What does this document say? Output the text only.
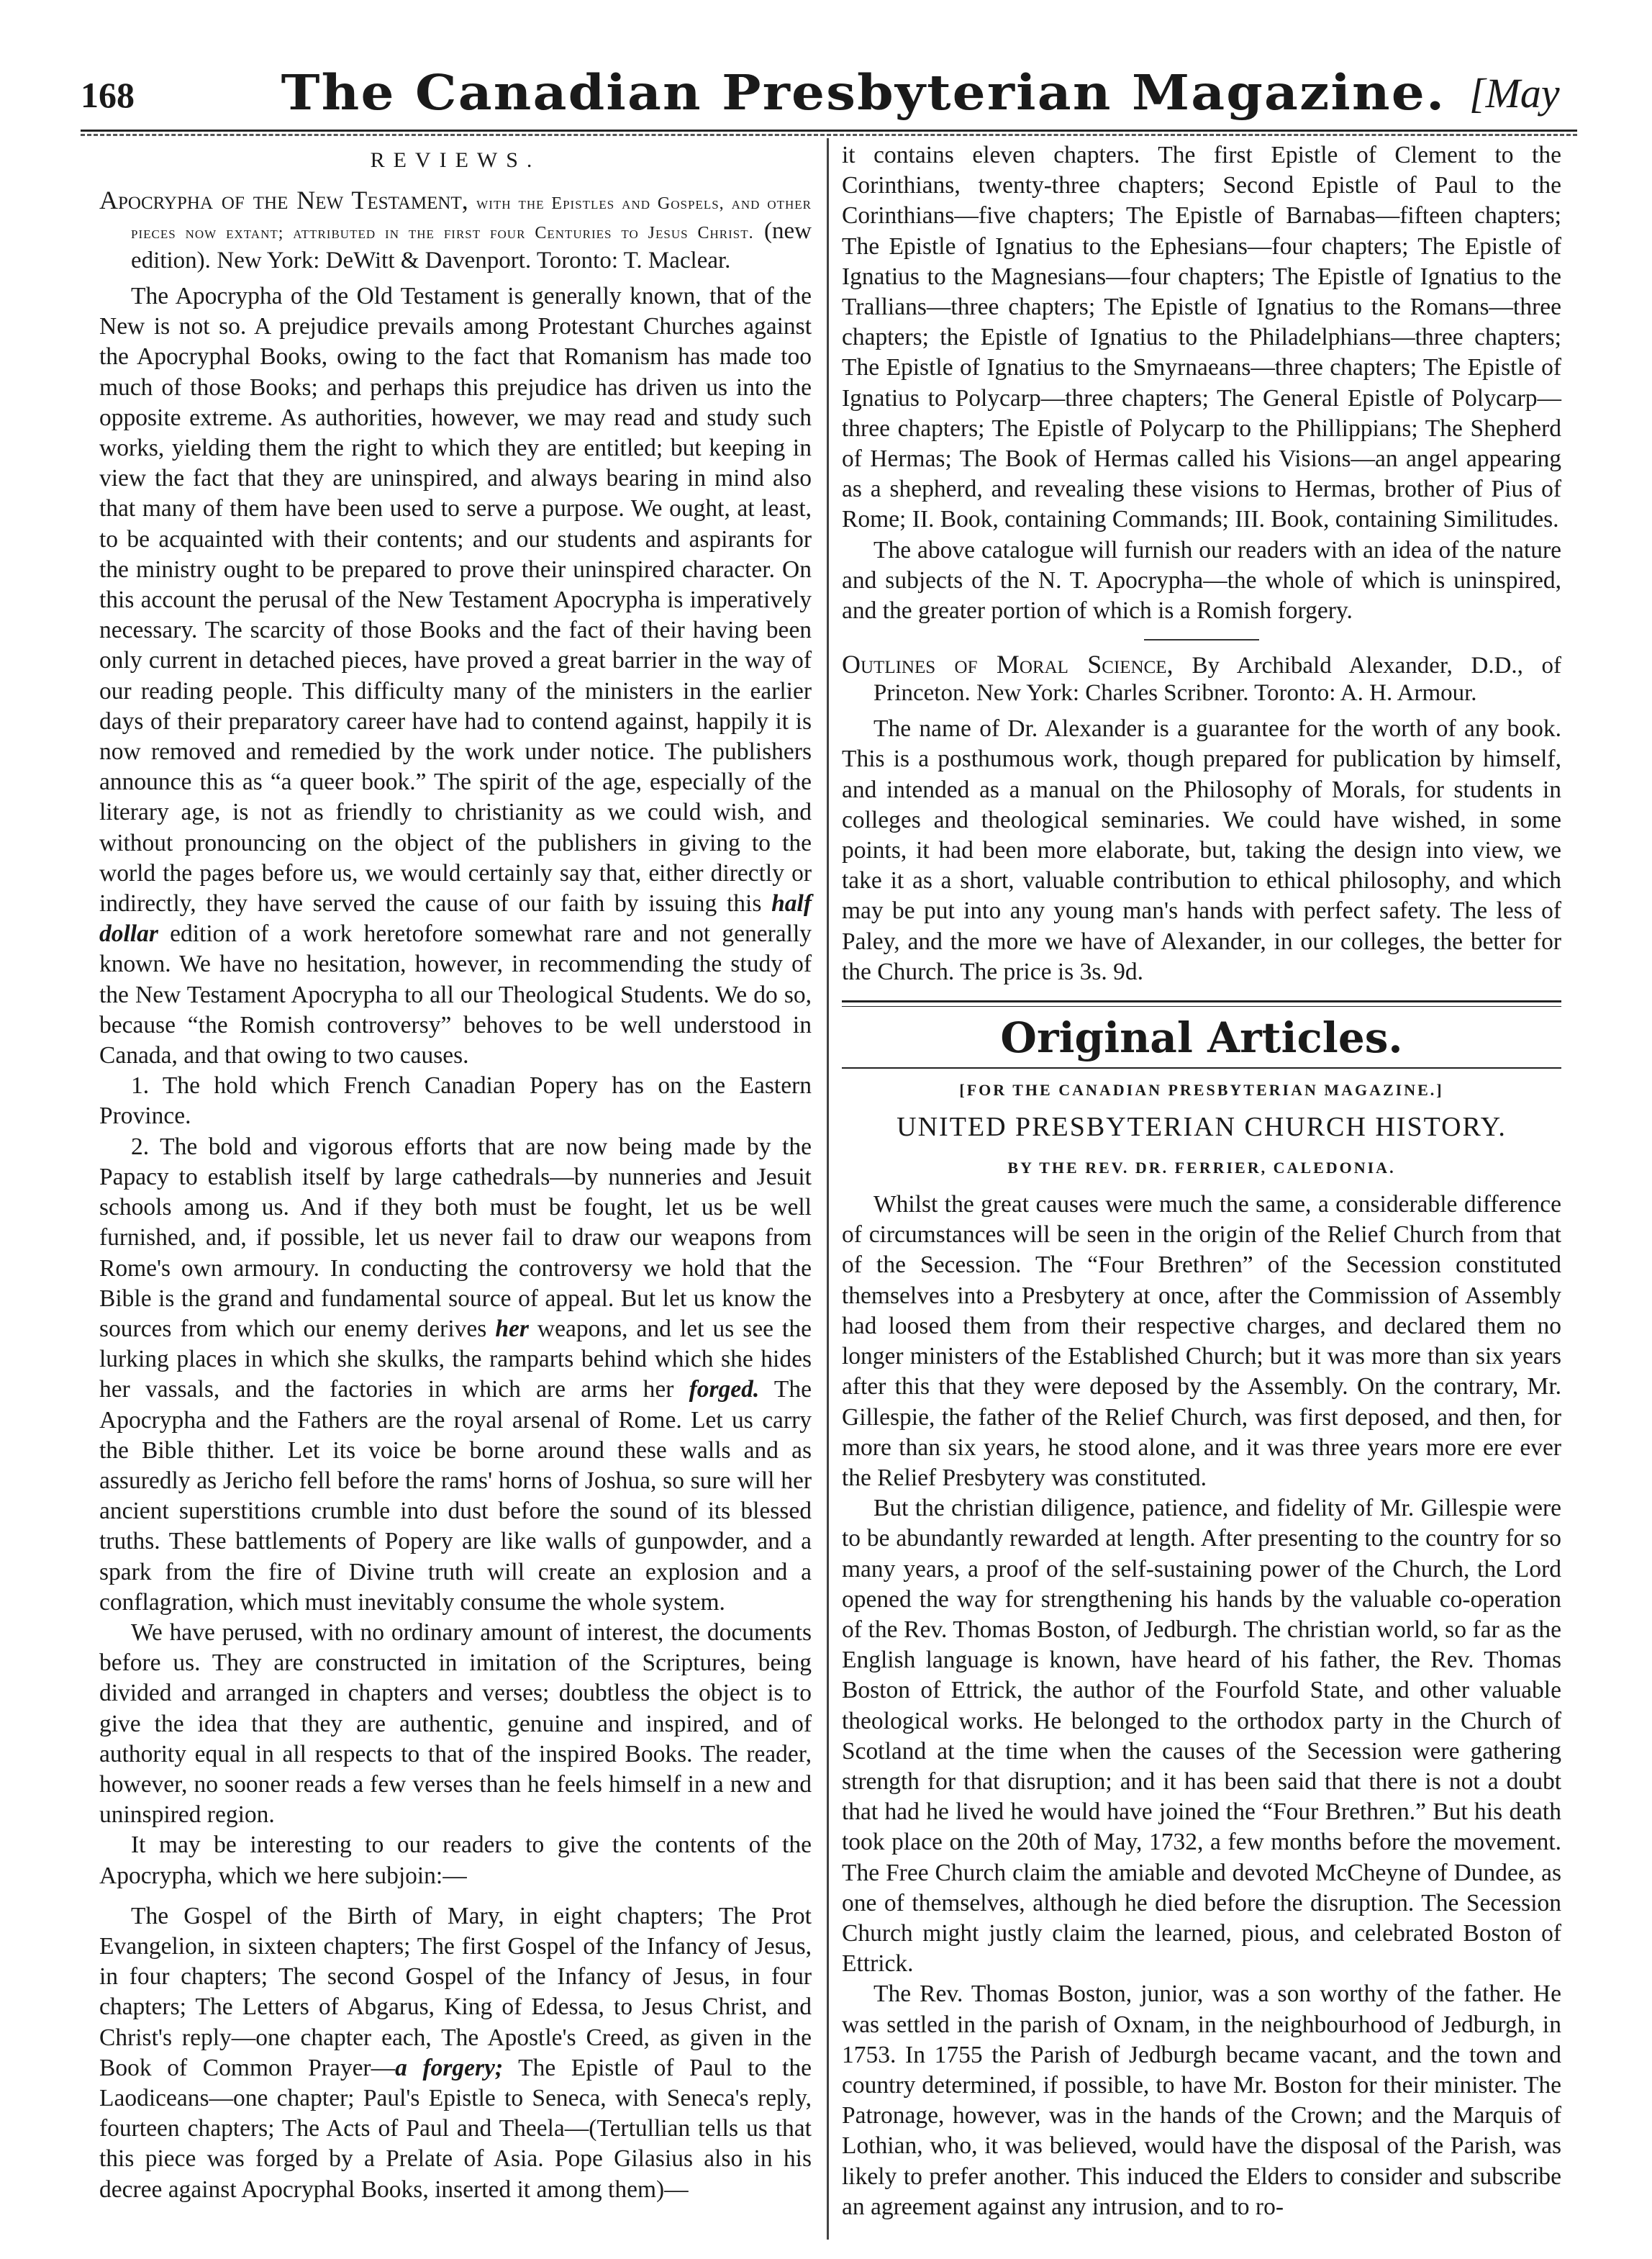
168	The Canadian Presbyterian Magazine. [May
REVIEWS.

Apocrypha of the New Testament, with the Epistles and Gospels, and other pieces now extant; attributed in the first four Centuries to Jesus Christ. (new edition). New York: DeWitt & Davenport. Toronto: T. Maclear.

The Apocrypha of the Old Testament is generally known, that of the New is not so. A prejudice prevails among Protestant Churches against the Apocryphal Books, owing to the fact that Romanism has made too much of those Books; and perhaps this prejudice has driven us into the opposite extreme. As authorities, however, we may read and study such works, yielding them the right to which they are entitled; but keeping in view the fact that they are uninspired, and always bearing in mind also that many of them have been used to serve a purpose. We ought, at least, to be acquainted with their contents; and our students and aspirants for the ministry ought to be prepared to prove their uninspired character. On this account the perusal of the New Testament Apocrypha is imperatively necessary. The scarcity of those Books and the fact of their having been only current in detached pieces, have proved a great barrier in the way of our reading people. This difficulty many of the ministers in the earlier days of their preparatory career have had to contend against, happily it is now removed and remedied by the work under notice. The publishers announce this as “a queer book.” The spirit of the age, especially of the literary age, is not as friendly to christianity as we could wish, and without pronouncing on the object of the publishers in giving to the world the pages before us, we would certainly say that, either directly or indirectly, they have served the cause of our faith by issuing this half dollar edition of a work heretofore somewhat rare and not generally known. We have no hesitation, however, in recommending the study of the New Testament Apocrypha to all our Theological Students. We do so, because “the Romish controversy” behoves to be well understood in Canada, and that owing to two causes.

1. The hold which French Canadian Popery has on the Eastern Province.

2. The bold and vigorous efforts that are now being made by the Papacy to establish itself by large cathedrals—by nunneries and Jesuit schools among us. And if they both must be fought, let us be well furnished, and, if possible, let us never fail to draw our weapons from Rome's own armoury. In conducting the controversy we hold that the Bible is the grand and fundamental source of appeal. But let us know the sources from which our enemy derives her weapons, and let us see the lurking places in which she skulks, the ramparts behind which she hides her vassals, and the factories in which are arms her forged. The Apocrypha and the Fathers are the royal arsenal of Rome. Let us carry the Bible thither. Let its voice be borne around these walls and as assuredly as Jericho fell before the rams' horns of Joshua, so sure will her ancient superstitions crumble into dust before the sound of its blessed truths. These battlements of Popery are like walls of gunpowder, and a spark from the fire of Divine truth will create an explosion and a conflagration, which must inevitably consume the whole system.

We have perused, with no ordinary amount of interest, the documents before us. They are constructed in imitation of the Scriptures, being divided and arranged in chapters and verses; doubtless the object is to give the idea that they are authentic, genuine and inspired, and of authority equal in all respects to that of the inspired Books. The reader, however, no sooner reads a few verses than he feels himself in a new and uninspired region.

It may be interesting to our readers to give the contents of the Apocrypha, which we here subjoin:—

The Gospel of the Birth of Mary, in eight chapters; The Prot Evangelion, in sixteen chapters; The first Gospel of the Infancy of Jesus, in four chapters; The second Gospel of the Infancy of Jesus, in four chapters; The Letters of Abgarus, King of Edessa, to Jesus Christ, and Christ's reply—one chapter each, The Apostle's Creed, as given in the Book of Common Prayer—a forgery; The Epistle of Paul to the Laodiceans—one chapter; Paul's Epistle to Seneca, with Seneca's reply, fourteen chapters; The Acts of Paul and Theela—(Tertullian tells us that this piece was forged by a Prelate of Asia. Pope Gilasius also in his decree against Apocryphal Books, inserted it among them)—

it contains eleven chapters. The first Epistle of Clement to the Corinthians, twenty-three chapters; Second Epistle of Paul to the Corinthians—five chapters; The Epistle of Barnabas—fifteen chapters; The Epistle of Ignatius to the Ephesians—four chapters; The Epistle of Ignatius to the Magnesians—four chapters; The Epistle of Ignatius to the Trallians—three chapters; The Epistle of Ignatius to the Romans—three chapters; the Epistle of Ignatius to the Philadelphians—three chapters; The Epistle of Ignatius to the Smyrnaeans—three chapters; The Epistle of Ignatius to Polycarp—three chapters; The General Epistle of Polycarp—three chapters; The Epistle of Polycarp to the Phillippians; The Shepherd of Hermas; The Book of Hermas called his Visions—an angel appearing as a shepherd, and revealing these visions to Hermas, brother of Pius of Rome; II. Book, containing Commands; III. Book, containing Similitudes.

The above catalogue will furnish our readers with an idea of the nature and subjects of the N. T. Apocrypha—the whole of which is uninspired, and the greater portion of which is a Romish forgery.

Outlines of Moral Science, By Archibald Alexander, D.D., of Princeton. New York: Charles Scribner. Toronto: A. H. Armour.

The name of Dr. Alexander is a guarantee for the worth of any book. This is a posthumous work, though prepared for publication by himself, and intended as a manual on the Philosophy of Morals, for students in colleges and theological seminaries. We could have wished, in some points, it had been more elaborate, but, taking the design into view, we take it as a short, valuable contribution to ethical philosophy, and which may be put into any young man's hands with perfect safety. The less of Paley, and the more we have of Alexander, in our colleges, the better for the Church. The price is 3s. 9d.

Original Articles.
[FOR THE CANADIAN PRESBYTERIAN MAGAZINE.]
UNITED PRESBYTERIAN CHURCH HISTORY.
BY THE REV. DR. FERRIER, CALEDONIA.

Whilst the great causes were much the same, a considerable difference of circumstances will be seen in the origin of the Relief Church from that of the Secession. The “Four Brethren” of the Secession constituted themselves into a Presbytery at once, after the Commission of Assembly had loosed them from their respective charges, and declared them no longer ministers of the Established Church; but it was more than six years after this that they were deposed by the Assembly. On the contrary, Mr. Gillespie, the father of the Relief Church, was first deposed, and then, for more than six years, he stood alone, and it was three years more ere ever the Relief Presbytery was constituted.

But the christian diligence, patience, and fidelity of Mr. Gillespie were to be abundantly rewarded at length. After presenting to the country for so many years, a proof of the self-sustaining power of the Church, the Lord opened the way for strengthening his hands by the valuable co-operation of the Rev. Thomas Boston, of Jedburgh. The christian world, so far as the English language is known, have heard of his father, the Rev. Thomas Boston of Ettrick, the author of the Fourfold State, and other valuable theological works. He belonged to the orthodox party in the Church of Scotland at the time when the causes of the Secession were gathering strength for that disruption; and it has been said that there is not a doubt that had he lived he would have joined the “Four Brethren.” But his death took place on the 20th of May, 1732, a few months before the movement. The Free Church claim the amiable and devoted McCheyne of Dundee, as one of themselves, although he died before the disruption. The Secession Church might justly claim the learned, pious, and celebrated Boston of Ettrick.

The Rev. Thomas Boston, junior, was a son worthy of the father. He was settled in the parish of Oxnam, in the neighbourhood of Jedburgh, in 1753. In 1755 the Parish of Jedburgh became vacant, and the town and country determined, if possible, to have Mr. Boston for their minister. The Patronage, however, was in the hands of the Crown; and the Marquis of Lothian, who, it was believed, would have the disposal of the Parish, was likely to prefer another. This induced the Elders to consider and subscribe an agreement against any intrusion, and to ro-
